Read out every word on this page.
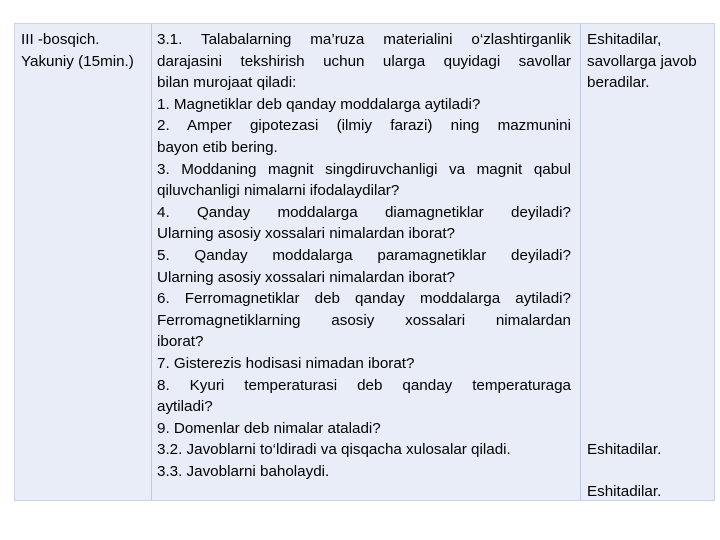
III -bosqich.
Yakuniy (15min.)
3.1. Talabalarning ma’ruza materialini o‘zlashtirganlik
darajasini tekshirish uchun ularga quyidagi savollar
bilan murojaat qiladi:
1. Magnetiklar deb qanday moddalarga aytiladi?
2. Amper gipotezasi (ilmiy farazi) ning mazmunini
bayon etib bering.
3. Moddaning magnit singdiruvchanligi va magnit qabul
qiluvchanligi nimalarni ifodalaydilar?
4. Qanday moddalarga diamagnetiklar deyiladi?
Ularning asosiy xossalari nimalardan iborat?
5. Qanday moddalarga paramagnetiklar deyiladi?
Ularning asosiy xossalari nimalardan iborat?
6. Ferromagnetiklar deb qanday moddalarga aytiladi?
Ferromagnetiklarning asosiy xossalari nimalardan
iborat?
7. Gisterezis hodisasi nimadan iborat?
8. Kyuri temperaturasi deb qanday temperaturaga
aytiladi?
9. Domenlar deb nimalar ataladi?
3.2. Javoblarni to‘ldiradi va qisqacha xulosalar qiladi.
3.3. Javoblarni baholaydi.
Eshitadilar,
savollarga javob
beradilar.
Eshitadilar.
Eshitadilar.
